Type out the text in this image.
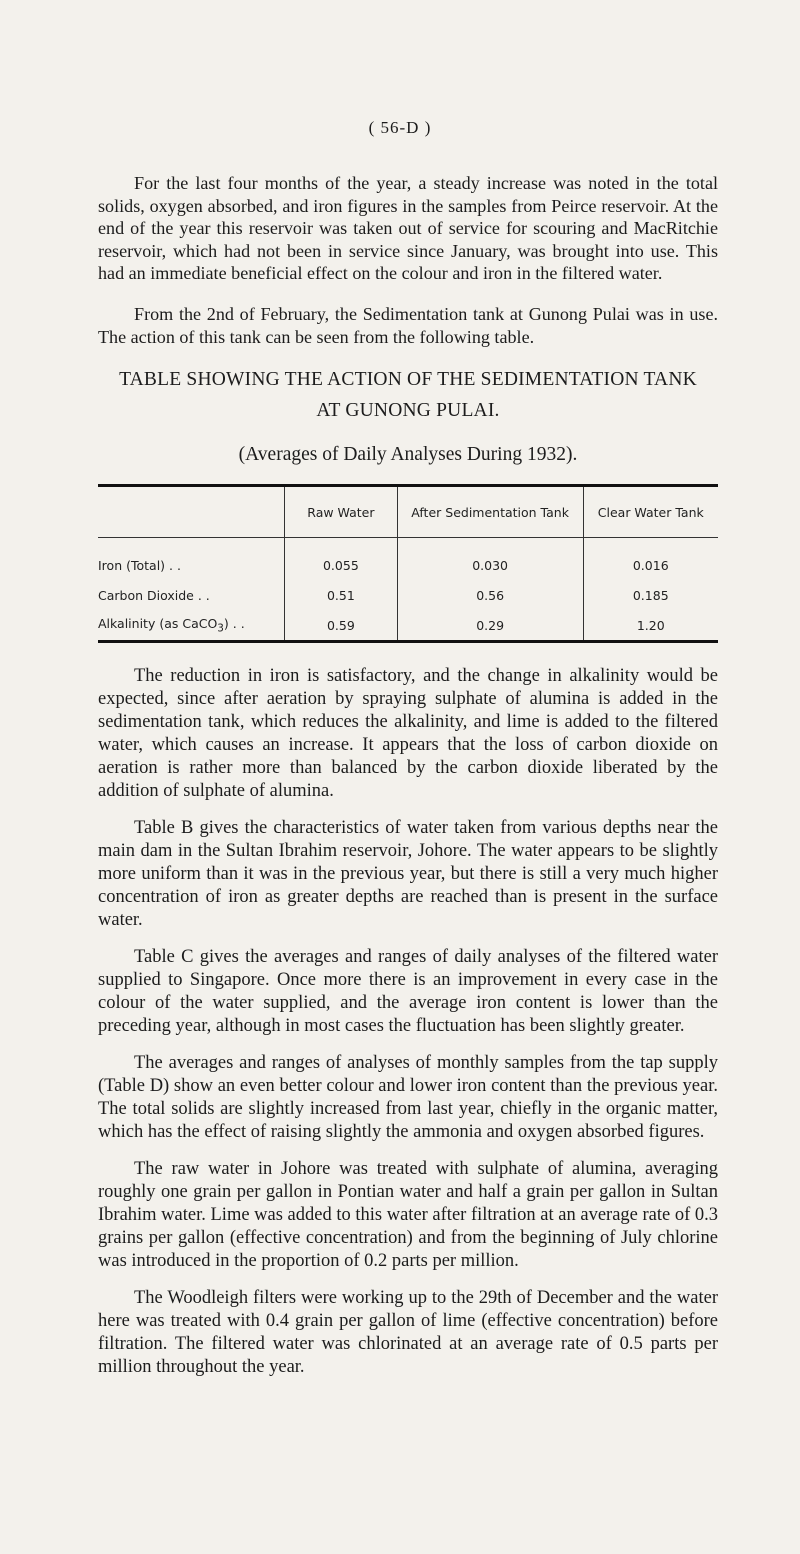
( 56-D )

For the last four months of the year, a steady increase was noted in the total solids, oxygen absorbed, and iron figures in the samples from Peirce reservoir. At the end of the year this reservoir was taken out of service for scouring and MacRitchie reservoir, which had not been in service since January, was brought into use. This had an immediate beneficial effect on the colour and iron in the filtered water.

From the 2nd of February, the Sedimentation tank at Gunong Pulai was in use. The action of this tank can be seen from the following table.

TABLE SHOWING THE ACTION OF THE SEDIMENTATION TANK
AT GUNONG PULAI.
(Averages of Daily Analyses During 1932).
	Raw Water	After Sedimentation Tank	Clear Water Tank
Iron (Total) . .	0.055	0.030	0.016
Carbon Dioxide . .	0.51	0.56	0.185
Alkalinity (as CaCO$_3$) . .	0.59	0.29	1.20

The reduction in iron is satisfactory, and the change in alkalinity would be expected, since after aeration by spraying sulphate of alumina is added in the sedimentation tank, which reduces the alkalinity, and lime is added to the filtered water, which causes an increase. It appears that the loss of carbon dioxide on aeration is rather more than balanced by the carbon dioxide liberated by the addition of sulphate of alumina.

Table B gives the characteristics of water taken from various depths near the main dam in the Sultan Ibrahim reservoir, Johore. The water appears to be slightly more uniform than it was in the previous year, but there is still a very much higher concentration of iron as greater depths are reached than is present in the surface water.

Table C gives the averages and ranges of daily analyses of the filtered water supplied to Singapore. Once more there is an improvement in every case in the colour of the water supplied, and the average iron content is lower than the preceding year, although in most cases the fluctuation has been slightly greater.

The averages and ranges of analyses of monthly samples from the tap supply (Table D) show an even better colour and lower iron content than the previous year. The total solids are slightly increased from last year, chiefly in the organic matter, which has the effect of raising slightly the ammonia and oxygen absorbed figures.

The raw water in Johore was treated with sulphate of alumina, averaging roughly one grain per gallon in Pontian water and half a grain per gallon in Sultan Ibrahim water. Lime was added to this water after filtration at an average rate of 0.3 grains per gallon (effective concentration) and from the beginning of July chlorine was introduced in the proportion of 0.2 parts per million.

The Woodleigh filters were working up to the 29th of December and the water here was treated with 0.4 grain per gallon of lime (effective concentration) before filtration. The filtered water was chlorinated at an average rate of 0.5 parts per million throughout the year.
